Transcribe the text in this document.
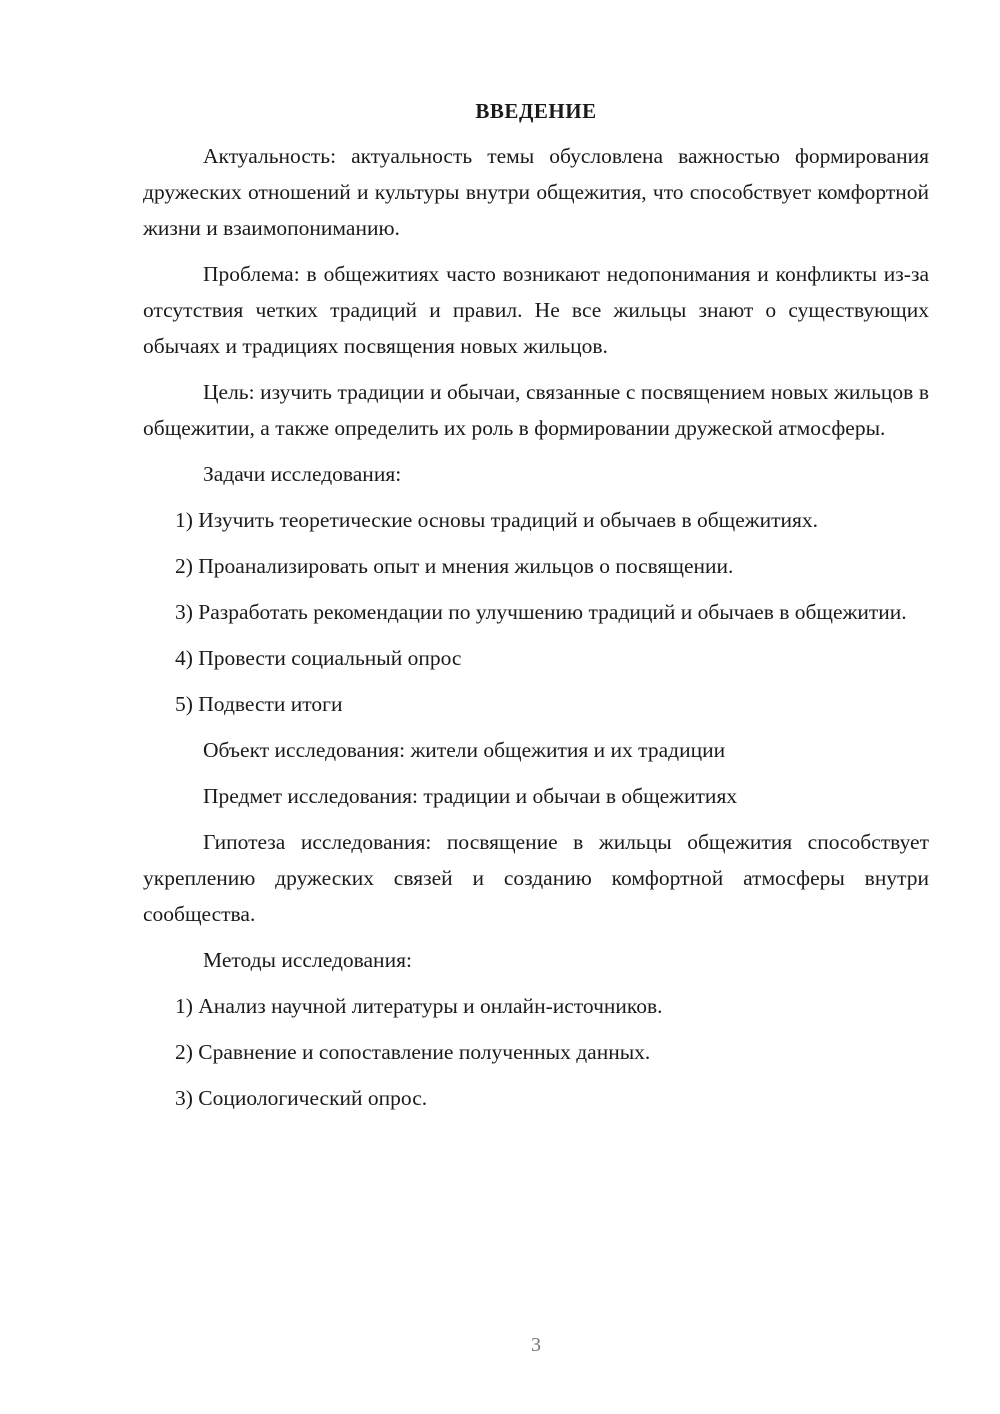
ВВЕДЕНИЕ

Актуальность: актуальность темы обусловлена важностью формирования дружеских отношений и культуры внутри общежития, что способствует комфортной жизни и взаимопониманию.

Проблема: в общежитиях часто возникают недопонимания и конфликты из-за отсутствия четких традиций и правил. Не все жильцы знают о существующих обычаях и традициях посвящения новых жильцов.

Цель: изучить традиции и обычаи, связанные с посвящением новых жильцов в общежитии, а также определить их роль в формировании дружеской атмосферы.

Задачи исследования:

1) Изучить теоретические основы традиций и обычаев в общежитиях.

2) Проанализировать опыт и мнения жильцов о посвящении.

3) Разработать рекомендации по улучшению традиций и обычаев в общежитии.

4) Провести социальный опрос

5) Подвести итоги

Объект исследования: жители общежития и их традиции

Предмет исследования: традиции и обычаи в общежитиях

Гипотеза исследования: посвящение в жильцы общежития способствует укреплению дружеских связей и созданию комфортной атмосферы внутри сообщества.

Методы исследования:

1) Анализ научной литературы и онлайн-источников.

2) Сравнение и сопоставление полученных данных.

3) Социологический опрос.

3
